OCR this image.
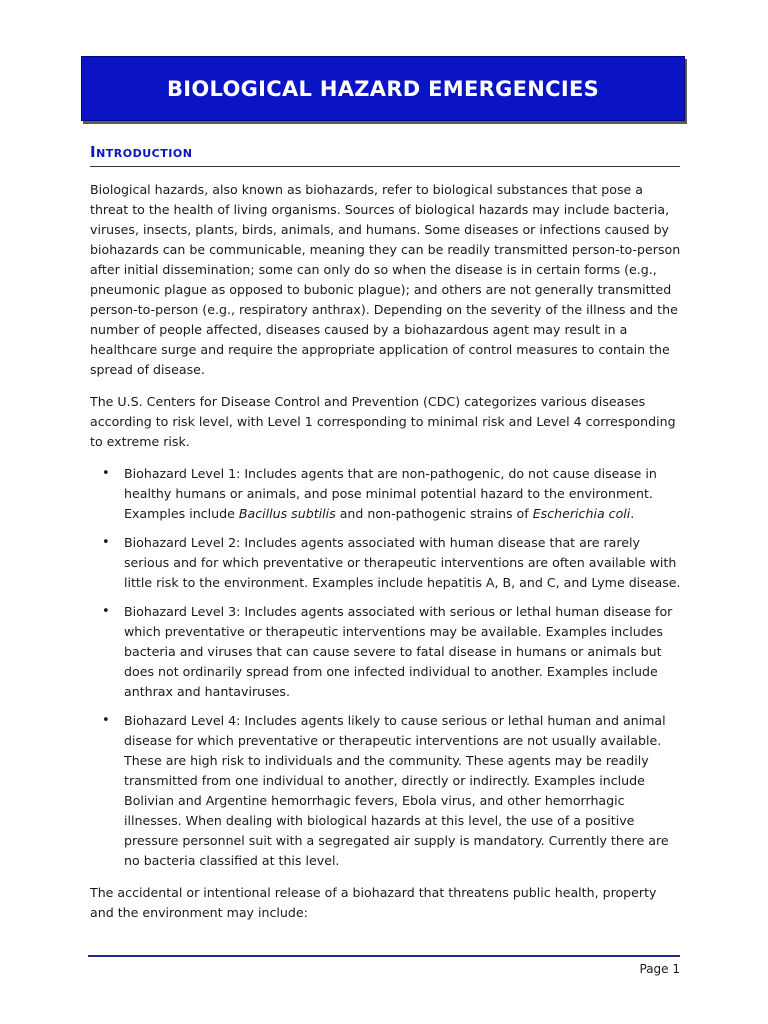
BIOLOGICAL HAZARD EMERGENCIES
Introduction

Biological hazards, also known as biohazards, refer to biological substances that pose a threat to the health of living organisms. Sources of biological hazards may include bacteria, viruses, insects, plants, birds, animals, and humans. Some diseases or infections caused by biohazards can be communicable, meaning they can be readily transmitted person-to-person after initial dissemination; some can only do so when the disease is in certain forms (e.g., pneumonic plague as opposed to bubonic plague); and others are not generally transmitted person-to-person (e.g., respiratory anthrax). Depending on the severity of the illness and the number of people affected, diseases caused by a biohazardous agent may result in a healthcare surge and require the appropriate application of control measures to contain the spread of disease.

The U.S. Centers for Disease Control and Prevention (CDC) categorizes various diseases according to risk level, with Level 1 corresponding to minimal risk and Level 4 corresponding to extreme risk.

• Biohazard Level 1: Includes agents that are non-pathogenic, do not cause disease in healthy humans or animals, and pose minimal potential hazard to the environment. Examples include Bacillus subtilis and non-pathogenic strains of Escherichia coli.
• Biohazard Level 2: Includes agents associated with human disease that are rarely serious and for which preventative or therapeutic interventions are often available with little risk to the environment. Examples include hepatitis A, B, and C, and Lyme disease.
• Biohazard Level 3: Includes agents associated with serious or lethal human disease for which preventative or therapeutic interventions may be available. Examples includes bacteria and viruses that can cause severe to fatal disease in humans or animals but does not ordinarily spread from one infected individual to another. Examples include anthrax and hantaviruses.
• Biohazard Level 4: Includes agents likely to cause serious or lethal human and animal disease for which preventative or therapeutic interventions are not usually available. These are high risk to individuals and the community. These agents may be readily transmitted from one individual to another, directly or indirectly. Examples include Bolivian and Argentine hemorrhagic fevers, Ebola virus, and other hemorrhagic illnesses. When dealing with biological hazards at this level, the use of a positive pressure personnel suit with a segregated air supply is mandatory. Currently there are no bacteria classified at this level.

The accidental or intentional release of a biohazard that threatens public health, property and the environment may include:

Page 1
